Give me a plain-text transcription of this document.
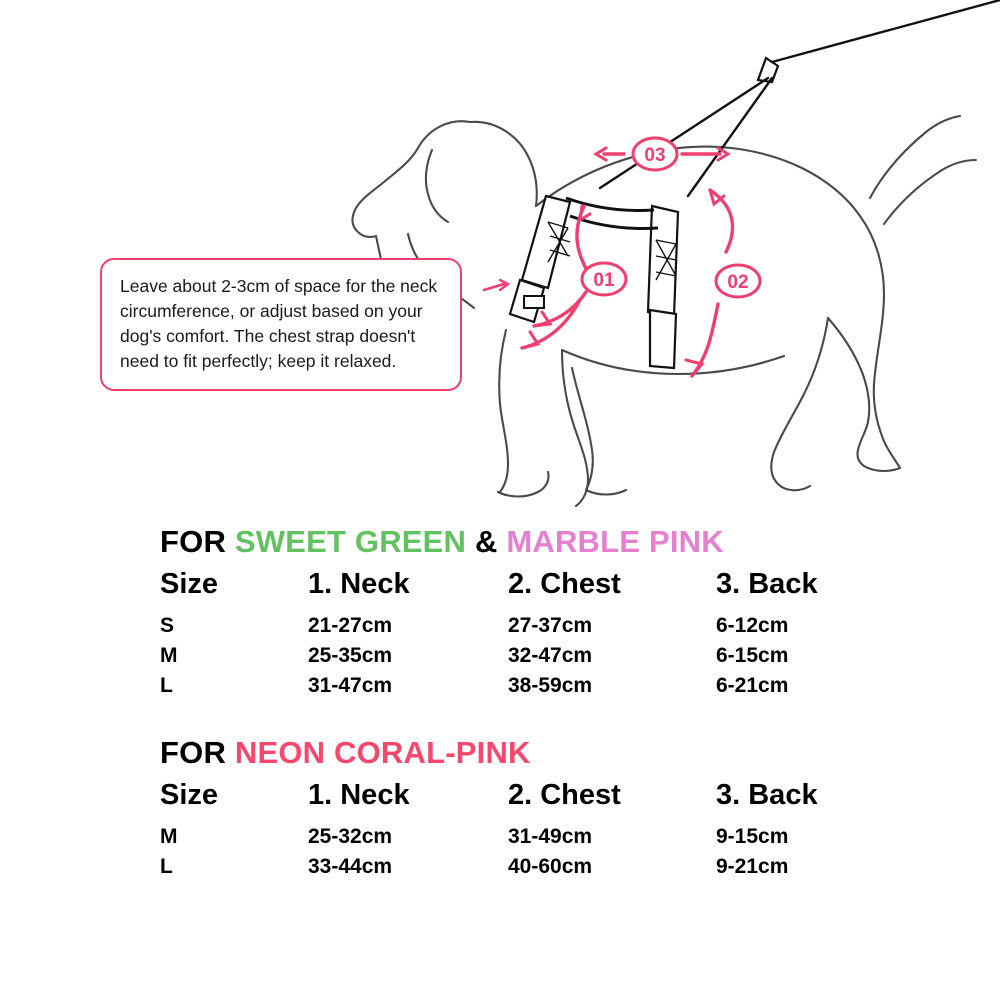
01	02
03

Leave about 2-3cm of space for the neck circumference, or adjust based on your dog's comfort. The chest strap doesn't need to fit perfectly; keep it relaxed.

FOR SWEET GREEN & MARBLE PINK
Size	1. Neck	2. Chest	3. Back
S	21-27cm	27-37cm	6-12cm
M	25-35cm	32-47cm	6-15cm
L	31-47cm	38-59cm	6-21cm
FOR NEON CORAL-PINK
Size	1. Neck	2. Chest	3. Back
M	25-32cm	31-49cm	9-15cm
L	33-44cm	40-60cm	9-21cm
